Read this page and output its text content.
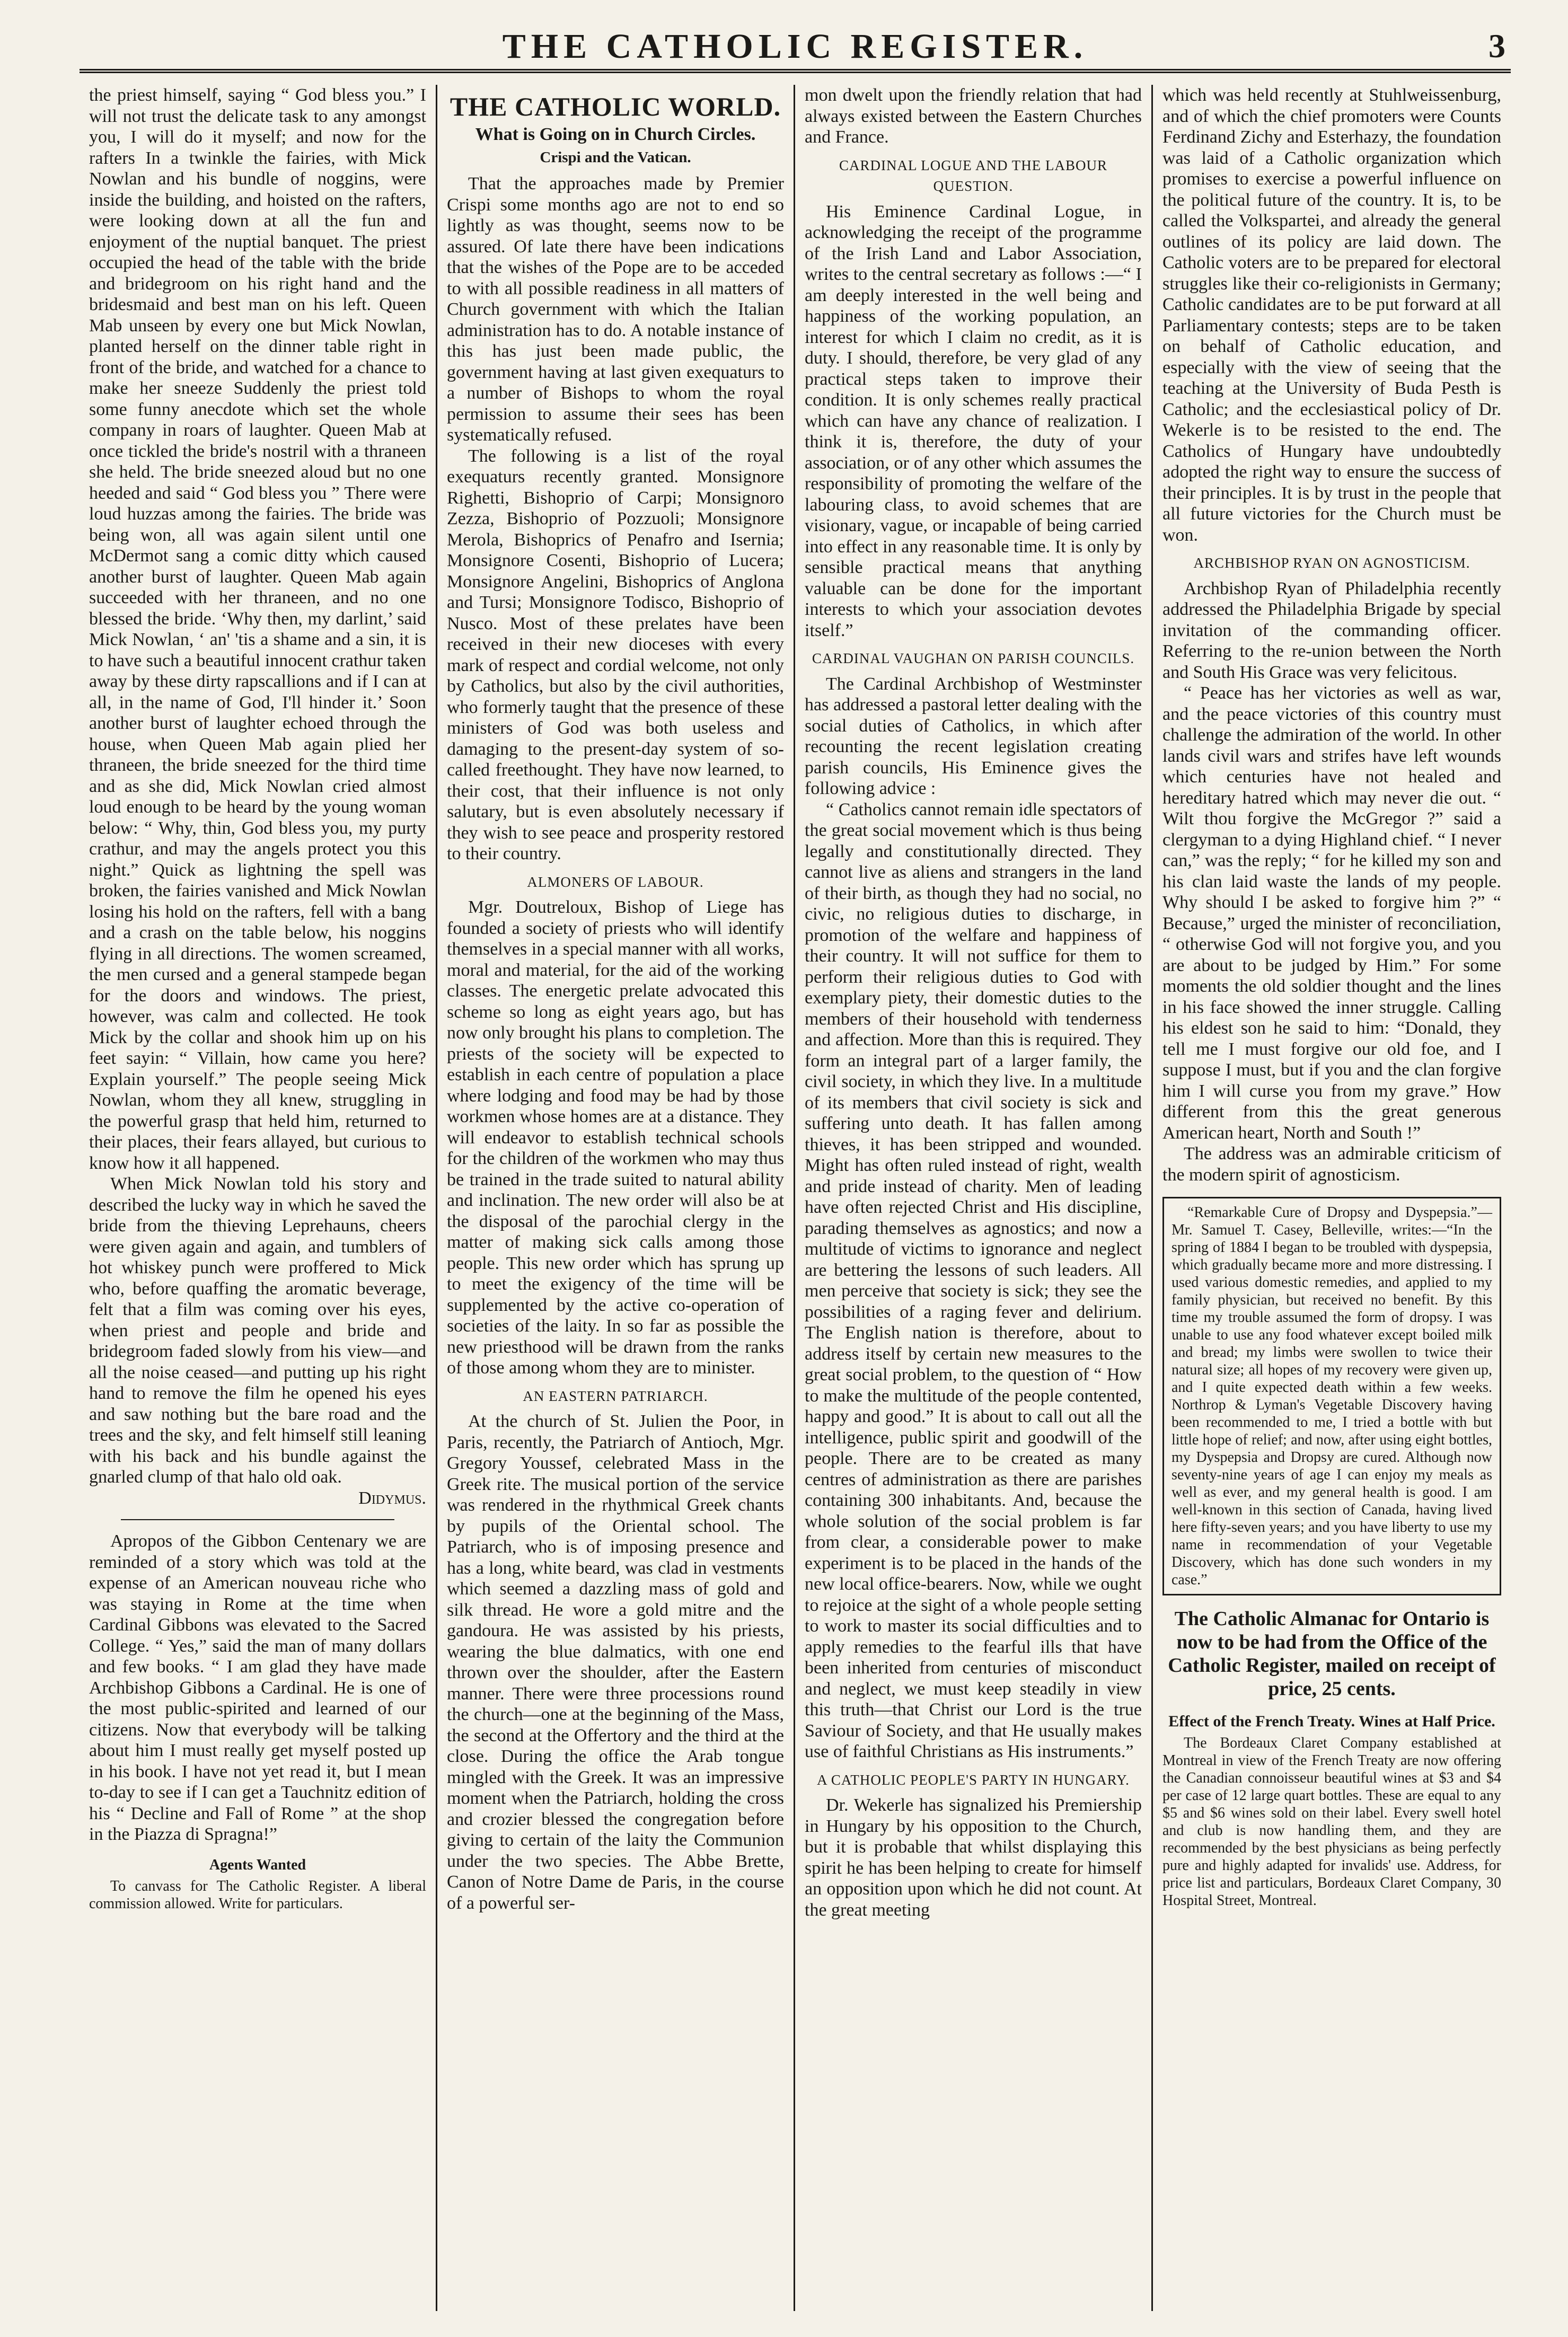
THE CATHOLIC REGISTER.	3

the priest himself, saying “ God bless you.” I will not trust the delicate task to any amongst you, I will do it myself; and now for the rafters In a twinkle the fairies, with Mick Nowlan and his bundle of noggins, were inside the building, and hoisted on the rafters, were looking down at all the fun and enjoyment of the nuptial banquet. The priest occupied the head of the table with the bride and bridegroom on his right hand and the bridesmaid and best man on his left. Queen Mab unseen by every one but Mick Nowlan, planted herself on the dinner table right in front of the bride, and watched for a chance to make her sneeze Suddenly the priest told some funny anecdote which set the whole company in roars of laughter. Queen Mab at once tickled the bride's nostril with a thraneen she held. The bride sneezed aloud but no one heeded and said “ God bless you ” There were loud huzzas among the fairies. The bride was being won, all was again silent until one McDermot sang a comic ditty which caused another burst of laughter. Queen Mab again succeeded with her thraneen, and no one blessed the bride. ‘Why then, my darlint,’ said Mick Nowlan, ‘ an' 'tis a shame and a sin, it is to have such a beautiful innocent crathur taken away by these dirty rapscallions and if I can at all, in the name of God, I'll hinder it.’ Soon another burst of laughter echoed through the house, when Queen Mab again plied her thraneen, the bride sneezed for the third time and as she did, Mick Nowlan cried almost loud enough to be heard by the young woman below: “ Why, thin, God bless you, my purty crathur, and may the angels protect you this night.” Quick as lightning the spell was broken, the fairies vanished and Mick Nowlan losing his hold on the rafters, fell with a bang and a crash on the table below, his noggins flying in all directions. The women screamed, the men cursed and a general stampede began for the doors and windows. The priest, however, was calm and collected. He took Mick by the collar and shook him up on his feet sayin: “ Villain, how came you here? Explain yourself.” The people seeing Mick Nowlan, whom they all knew, struggling in the powerful grasp that held him, returned to their places, their fears allayed, but curious to know how it all happened.

When Mick Nowlan told his story and described the lucky way in which he saved the bride from the thieving Leprehauns, cheers were given again and again, and tumblers of hot whiskey punch were proffered to Mick who, before quaffing the aromatic beverage, felt that a film was coming over his eyes, when priest and people and bride and bridegroom faded slowly from his view—and all the noise ceased—and putting up his right hand to remove the film he opened his eyes and saw nothing but the bare road and the trees and the sky, and felt himself still leaning with his back and his bundle against the gnarled clump of that halo old oak.

Didymus.

Apropos of the Gibbon Centenary we are reminded of a story which was told at the expense of an American nouveau riche who was staying in Rome at the time when Cardinal Gibbons was elevated to the Sacred College. “ Yes,” said the man of many dollars and few books. “ I am glad they have made Archbishop Gibbons a Cardinal. He is one of the most public-spirited and learned of our citizens. Now that everybody will be talking about him I must really get myself posted up in his book. I have not yet read it, but I mean to-day to see if I can get a Tauchnitz edition of his “ Decline and Fall of Rome ” at the shop in the Piazza di Spragna!”

Agents Wanted

To canvass for The Catholic Register. A liberal commission allowed. Write for particulars.

THE CATHOLIC WORLD.
What is Going on in Church Circles.
Crispi and the Vatican.

That the approaches made by Premier Crispi some months ago are not to end so lightly as was thought, seems now to be assured. Of late there have been indications that the wishes of the Pope are to be acceded to with all possible readiness in all matters of Church government with which the Italian administration has to do. A notable instance of this has just been made public, the government having at last given exequaturs to a number of Bishops to whom the royal permission to assume their sees has been systematically refused.

The following is a list of the royal exequaturs recently granted. Monsignore Righetti, Bishoprio of Carpi; Monsignoro Zezza, Bishoprio of Pozzuoli; Monsignore Merola, Bishoprics of Penafro and Isernia; Monsignore Cosenti, Bishoprio of Lucera; Monsignore Angelini, Bishoprics of Anglona and Tursi; Monsignore Todisco, Bishoprio of Nusco. Most of these prelates have been received in their new dioceses with every mark of respect and cordial welcome, not only by Catholics, but also by the civil authorities, who formerly taught that the presence of these ministers of God was both useless and damaging to the present-day system of so-called freethought. They have now learned, to their cost, that their influence is not only salutary, but is even absolutely necessary if they wish to see peace and prosperity restored to their country.

ALMONERS OF LABOUR.

Mgr. Doutreloux, Bishop of Liege has founded a society of priests who will identify themselves in a special manner with all works, moral and material, for the aid of the working classes. The energetic prelate advocated this scheme so long as eight years ago, but has now only brought his plans to completion. The priests of the society will be expected to establish in each centre of population a place where lodging and food may be had by those workmen whose homes are at a distance. They will endeavor to establish technical schools for the children of the workmen who may thus be trained in the trade suited to natural ability and inclination. The new order will also be at the disposal of the parochial clergy in the matter of making sick calls among those people. This new order which has sprung up to meet the exigency of the time will be supplemented by the active co-operation of societies of the laity. In so far as possible the new priesthood will be drawn from the ranks of those among whom they are to minister.

AN EASTERN PATRIARCH.

At the church of St. Julien the Poor, in Paris, recently, the Patriarch of Antioch, Mgr. Gregory Youssef, celebrated Mass in the Greek rite. The musical portion of the service was rendered in the rhythmical Greek chants by pupils of the Oriental school. The Patriarch, who is of imposing presence and has a long, white beard, was clad in vestments which seemed a dazzling mass of gold and silk thread. He wore a gold mitre and the gandoura. He was assisted by his priests, wearing the blue dalmatics, with one end thrown over the shoulder, after the Eastern manner. There were three processions round the church—one at the beginning of the Mass, the second at the Offertory and the third at the close. During the office the Arab tongue mingled with the Greek. It was an impressive moment when the Patriarch, holding the cross and crozier blessed the congregation before giving to certain of the laity the Communion under the two species. The Abbe Brette, Canon of Notre Dame de Paris, in the course of a powerful ser-

mon dwelt upon the friendly relation that had always existed between the Eastern Churches and France.

CARDINAL LOGUE AND THE LABOUR QUESTION.

His Eminence Cardinal Logue, in acknowledging the receipt of the programme of the Irish Land and Labor Association, writes to the central secretary as follows :—“ I am deeply interested in the well being and happiness of the working population, an interest for which I claim no credit, as it is duty. I should, therefore, be very glad of any practical steps taken to improve their condition. It is only schemes really practical which can have any chance of realization. I think it is, therefore, the duty of your association, or of any other which assumes the responsibility of promoting the welfare of the labouring class, to avoid schemes that are visionary, vague, or incapable of being carried into effect in any reasonable time. It is only by sensible practical means that anything valuable can be done for the important interests to which your association devotes itself.”

CARDINAL VAUGHAN ON PARISH COUNCILS.

The Cardinal Archbishop of Westminster has addressed a pastoral letter dealing with the social duties of Catholics, in which after recounting the recent legislation creating parish councils, His Eminence gives the following advice :

“ Catholics cannot remain idle spectators of the great social movement which is thus being legally and constitutionally directed. They cannot live as aliens and strangers in the land of their birth, as though they had no social, no civic, no religious duties to discharge, in promotion of the welfare and happiness of their country. It will not suffice for them to perform their religious duties to God with exemplary piety, their domestic duties to the members of their household with tenderness and affection. More than this is required. They form an integral part of a larger family, the civil society, in which they live. In a multitude of its members that civil society is sick and suffering unto death. It has fallen among thieves, it has been stripped and wounded. Might has often ruled instead of right, wealth and pride instead of charity. Men of leading have often rejected Christ and His discipline, parading themselves as agnostics; and now a multitude of victims to ignorance and neglect are bettering the lessons of such leaders. All men perceive that society is sick; they see the possibilities of a raging fever and delirium. The English nation is therefore, about to address itself by certain new measures to the great social problem, to the question of “ How to make the multitude of the people contented, happy and good.” It is about to call out all the intelligence, public spirit and goodwill of the people. There are to be created as many centres of administration as there are parishes containing 300 inhabitants. And, because the whole solution of the social problem is far from clear, a considerable power to make experiment is to be placed in the hands of the new local office-bearers. Now, while we ought to rejoice at the sight of a whole people setting to work to master its social difficulties and to apply remedies to the fearful ills that have been inherited from centuries of misconduct and neglect, we must keep steadily in view this truth—that Christ our Lord is the true Saviour of Society, and that He usually makes use of faithful Christians as His instruments.”

A CATHOLIC PEOPLE'S PARTY IN HUNGARY.

Dr. Wekerle has signalized his Premiership in Hungary by his opposition to the Church, but it is probable that whilst displaying this spirit he has been helping to create for himself an opposition upon which he did not count. At the great meeting

which was held recently at Stuhlweissenburg, and of which the chief promoters were Counts Ferdinand Zichy and Esterhazy, the foundation was laid of a Catholic organization which promises to exercise a powerful influence on the political future of the country. It is, to be called the Volkspartei, and already the general outlines of its policy are laid down. The Catholic voters are to be prepared for electoral struggles like their co-religionists in Germany; Catholic candidates are to be put forward at all Parliamentary contests; steps are to be taken on behalf of Catholic education, and especially with the view of seeing that the teaching at the University of Buda Pesth is Catholic; and the ecclesiastical policy of Dr. Wekerle is to be resisted to the end. The Catholics of Hungary have undoubtedly adopted the right way to ensure the success of their principles. It is by trust in the people that all future victories for the Church must be won.

ARCHBISHOP RYAN ON AGNOSTICISM.

Archbishop Ryan of Philadelphia recently addressed the Philadelphia Brigade by special invitation of the commanding officer. Referring to the re-union between the North and South His Grace was very felicitous.

“ Peace has her victories as well as war, and the peace victories of this country must challenge the admiration of the world. In other lands civil wars and strifes have left wounds which centuries have not healed and hereditary hatred which may never die out. “ Wilt thou forgive the McGregor ?” said a clergyman to a dying Highland chief. “ I never can,” was the reply; “ for he killed my son and his clan laid waste the lands of my people. Why should I be asked to forgive him ?” “ Because,” urged the minister of reconciliation, “ otherwise God will not forgive you, and you are about to be judged by Him.” For some moments the old soldier thought and the lines in his face showed the inner struggle. Calling his eldest son he said to him: “Donald, they tell me I must forgive our old foe, and I suppose I must, but if you and the clan forgive him I will curse you from my grave.” How different from this the great generous American heart, North and South !”

The address was an admirable criticism of the modern spirit of agnosticism.

“Remarkable Cure of Dropsy and Dyspepsia.”—Mr. Samuel T. Casey, Belleville, writes:—“In the spring of 1884 I began to be troubled with dyspepsia, which gradually became more and more distressing. I used various domestic remedies, and applied to my family physician, but received no benefit. By this time my trouble assumed the form of dropsy. I was unable to use any food whatever except boiled milk and bread; my limbs were swollen to twice their natural size; all hopes of my recovery were given up, and I quite expected death within a few weeks. Northrop & Lyman's Vegetable Discovery having been recommended to me, I tried a bottle with but little hope of relief; and now, after using eight bottles, my Dyspepsia and Dropsy are cured. Although now seventy-nine years of age I can enjoy my meals as well as ever, and my general health is good. I am well-known in this section of Canada, having lived here fifty-seven years; and you have liberty to use my name in recommendation of your Vegetable Discovery, which has done such wonders in my case.”

The Catholic Almanac for Ontario is now to be had from the Office of the Catholic Register, mailed on receipt of price, 25 cents.
Effect of the French Treaty. Wines at Half Price.

The Bordeaux Claret Company established at Montreal in view of the French Treaty are now offering the Canadian connoisseur beautiful wines at $3 and $4 per case of 12 large quart bottles. These are equal to any $5 and $6 wines sold on their label. Every swell hotel and club is now handling them, and they are recommended by the best physicians as being perfectly pure and highly adapted for invalids' use. Address, for price list and particulars, Bordeaux Claret Company, 30 Hospital Street, Montreal.
